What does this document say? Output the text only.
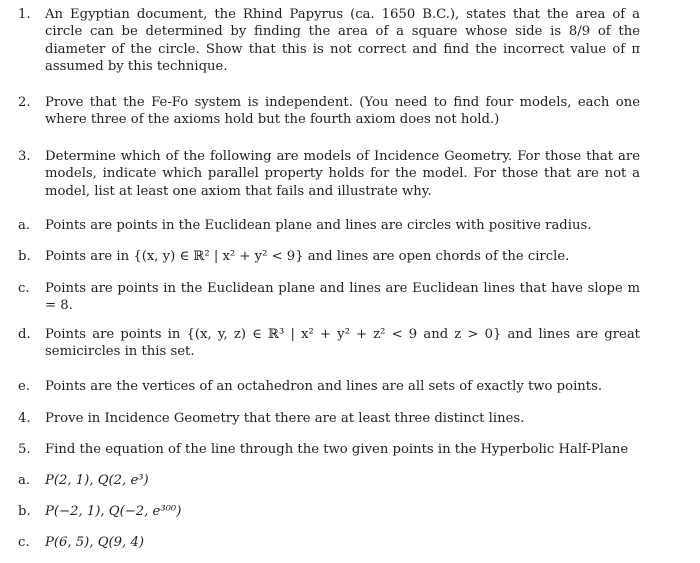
1. An Egyptian document, the Rhind Papyrus (ca. 1650 B.C.), states that the area of a circle can be determined by finding the area of a square whose side is 8/9 of the diameter of the circle. Show that this is not correct and find the incorrect value of π assumed by this technique.
2. Prove that the Fe-Fo system is independent. (You need to find four models, each one where three of the axioms hold but the fourth axiom does not hold.)
3. Determine which of the following are models of Incidence Geometry. For those that are models, indicate which parallel property holds for the model. For those that are not a model, list at least one axiom that fails and illustrate why.
a. Points are points in the Euclidean plane and lines are circles with positive radius.
b. Points are in {(x, y) ∈ ℝ² | x² + y² < 9} and lines are open chords of the circle.
c. Points are points in the Euclidean plane and lines are Euclidean lines that have slope m = 8.
d. Points are points in {(x, y, z) ∈ ℝ³ | x² + y² + z² < 9 and z > 0} and lines are great semicircles in this set.
e. Points are the vertices of an octahedron and lines are all sets of exactly two points.
4. Prove in Incidence Geometry that there are at least three distinct lines.
5. Find the equation of the line through the two given points in the Hyperbolic Half-Plane
a. P(2, 1), Q(2, e³)
b. P(−2, 1), Q(−2, e³⁰⁰)
c. P(6, 5), Q(9, 4)
